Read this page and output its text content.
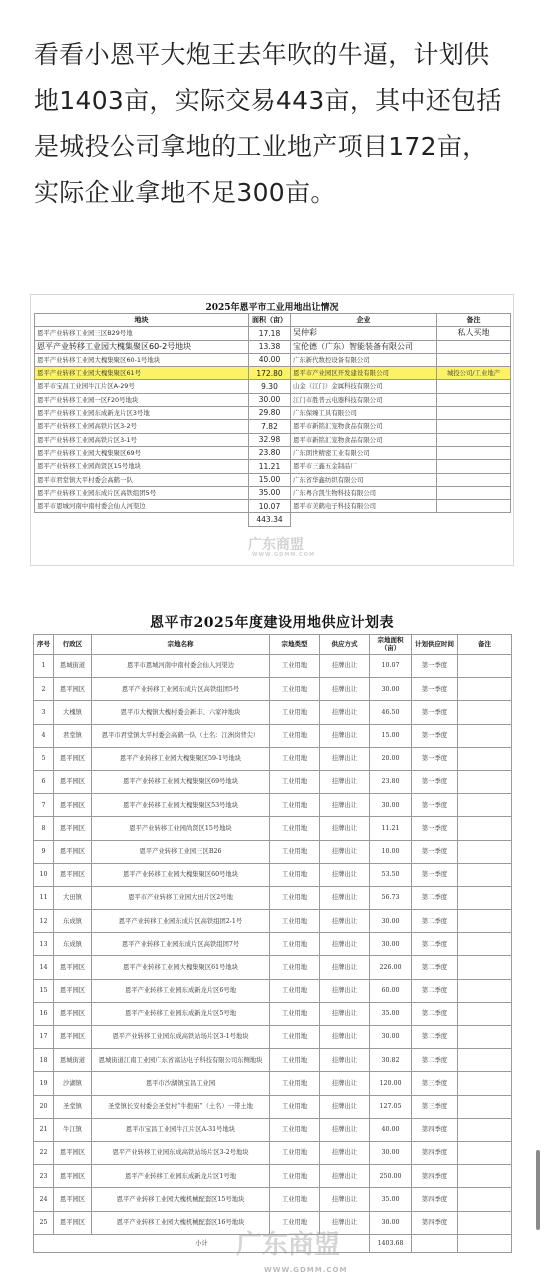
看看小恩平大炮王去年吹的牛逼，计划供地1403亩，实际交易443亩，其中还包括是城投公司拿地的工业地产项目172亩，实际企业拿地不足300亩。
2025年恩平市工业用地出让情况
地块	面积（亩）	企业	备注
恩平产业转移工业园三区B29号地	17.18	吴仲彩	私人买地
恩平产业转移工业园大槐集聚区60-2号地块	13.38	宝伦德（广东）智能装备有限公司	
恩平产业转移工业园大槐集聚区60-1号地块	40.00	广东新代数控设备有限公司	
恩平产业转移工业园大槐集聚区61号	172.80	恩平市产业园区开发建设有限公司	城投公司/工业地产
恩平市宝昌工业园牛江片区A-29号	9.30	山金（江门）金属科技有限公司	
恩平产业转移工业园一区F20号地块	30.00	江门市胜普云电器科技有限公司	
恩平产业转移工业园东成新龙片区3号地	29.80	广东保臻工具有限公司	
恩平产业转移工业园高铁片区3-2号	7.82	恩平市新铭汇宠物食品有限公司	
恩平产业转移工业园高铁片区3-1号	32.98	恩平市新铭汇宠物食品有限公司	
恩平产业转移工业园大槐集聚区69号	23.80	广东朗世精密工业有限公司	
恩平产业转移工业园尚贤区15号地块	11.21	恩平市三鑫五金制品厂	
恩平市君堂镇大平村委会高鹤一队	15.00	广东省华鑫纺织有限公司	
恩平产业转移工业园东成片区高铁组团5号	35.00	广东粤合凯生物科技有限公司	
恩平市恩城河南中南村委会仙人河渠边	10.07	恩平市美鹤电子科技有限公司	
	443.34		
广东商盟
WWW.GDMM.COM
恩平市2025年度建设用地供应计划表
序号	行政区	宗地名称	宗地类型	供应方式	宗地面积（亩）	计划供应时间	备注
1	恩城街道	恩平市恩城河南中南村委会仙人河渠边	工业用地	挂牌出让	10.07	第一季度	
2	恩平园区	恩平产业转移工业园东成片区高铁组团5号	工业用地	挂牌出让	30.00	第一季度	
3	大槐镇	恩平市大槐镇大槐村委会新丰、六家冲地块	工业用地	挂牌出让	46.50	第一季度	
4	君堂镇	恩平市君堂镇大平村委会高鹤一队（土名：江洲岗背尖）	工业用地	挂牌出让	15.00	第一季度	
5	恩平园区	恩平产业转移工业园大槐集聚区59-1号地块	工业用地	挂牌出让	20.00	第一季度	
6	恩平园区	恩平产业转移工业园大槐集聚区69号地块	工业用地	挂牌出让	23.80	第一季度	
7	恩平园区	恩平产业转移工业园大槐集聚区53号地块	工业用地	挂牌出让	30.00	第一季度	
8	恩平园区	恩平产业转移工业园尚贤区15号地块	工业用地	挂牌出让	11.21	第一季度	
9	恩平园区	恩平产业转移工业园三区B26	工业用地	挂牌出让	10.00	第一季度	
10	恩平园区	恩平产业转移工业园大槐集聚区60号地块	工业用地	挂牌出让	53.50	第一季度	
11	大田镇	恩平市产业转移工业园大田片区2号地	工业用地	挂牌出让	56.73	第二季度	
12	东成镇	恩平产业转移工业园东成片区高铁组团2-1号	工业用地	挂牌出让	30.00	第二季度	
13	东成镇	恩平产业转移工业园东成片区高铁组团7号	工业用地	挂牌出让	30.00	第二季度	
14	恩平园区	恩平产业转移工业园大槐集聚区61号地块	工业用地	挂牌出让	226.00	第二季度	
15	恩平园区	恩平产业转移工业园东成新龙片区6号地	工业用地	挂牌出让	60.00	第二季度	
16	恩平园区	恩平产业转移工业园东成新龙片区5号地	工业用地	挂牌出让	35.00	第二季度	
17	恩平园区	恩平产业转移工业园东成高铁站场片区3-1号地块	工业用地	挂牌出让	30.00	第二季度	
18	恩城街道	恩城街道江南工业园广东省富达电子科技有限公司东侧地块	工业用地	挂牌出让	30.82	第二季度	
19	沙湖镇	恩平市沙湖镇宝昌工业园	工业用地	挂牌出让	120.00	第三季度	
20	圣堂镇	圣堂镇长安村委会圣堂村“牛抱庙”（土名）一带土地	工业用地	挂牌出让	127.05	第三季度	
21	牛江镇	恩平市宝昌工业园牛江片区A-31号地块	工业用地	挂牌出让	40.00	第四季度	
22	恩平园区	恩平产业转移工业园东成高铁站场片区3-2号地块	工业用地	挂牌出让	30.00	第四季度	
23	恩平园区	恩平产业转移工业园东成新龙片区1号地	工业用地	挂牌出让	250.00	第四季度	
24	恩平园区	恩平产业转移工业园大槐机械配套区15号地块	工业用地	挂牌出让	35.00	第四季度	
25	恩平园区	恩平产业转移工业园大槐机械配套区16号地块	工业用地	挂牌出让	30.00	第四季度	
小计					1403.68		
广东商盟
WWW.GDMM.COM
